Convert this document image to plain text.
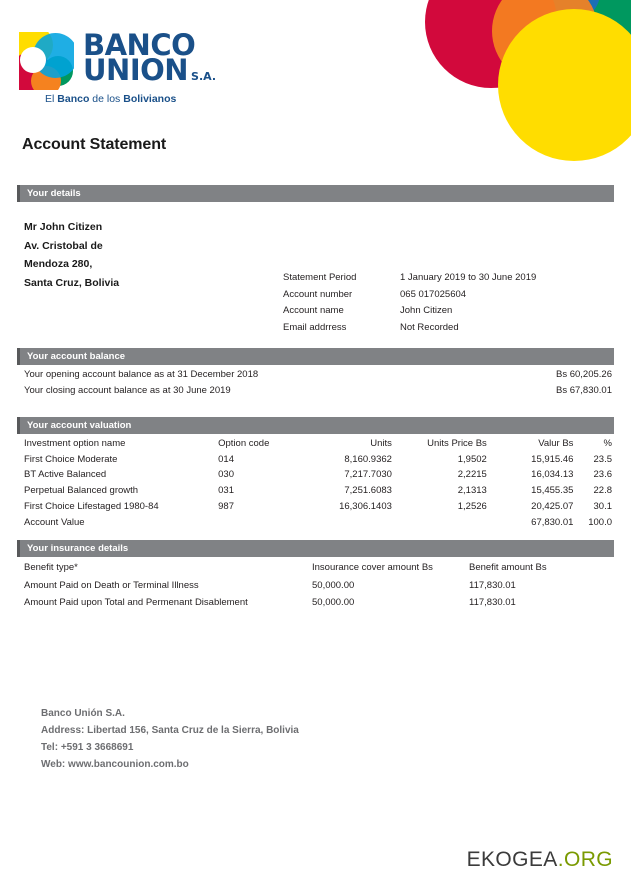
BANCO
UNION S.A.
El Banco de los Bolivianos
Account Statement
Your details
Mr John Citizen
Av. Cristobal de
Mendoza 280,
Santa Cruz, Bolivia	Statement Period	1 January 2019 to 30 June 2019
Account number	065 017025604
Account name	John Citizen
Email addrress	Not Recorded
Your account balance
Your opening account balance as at 31 December 2018	Bs 60,205.26
Your closing account balance as at 30 June 2019	Bs 67,830.01
Your account valuation
Investment option name	Option code	Units	Units Price Bs	Valur Bs	%
First Choice Moderate	014	8,160.9362	1,9502	15,915.46	23.5
BT Active Balanced	030	7,217.7030	2,2215	16,034.13	23.6
Perpetual Balanced growth	031	7,251.6083	2,1313	15,455.35	22.8
First Choice Lifestaged 1980-84	987	16,306.1403	1,2526	20,425.07	30.1
Account Value				67,830.01	100.0
Your insurance details
Benefit type*	Insourance cover amount Bs	Benefit amount Bs
Amount Paid on Death or Terminal Illness	50,000.00	117,830.01
Amount Paid upon Total and Permenant Disablement	50,000.00	117,830.01
Banco Unión S.A.
Address: Libertad 156, Santa Cruz de la Sierra, Bolivia
Tel: +591 3 3668691
Web: www.bancounion.com.bo
EKOGEA.ORG
